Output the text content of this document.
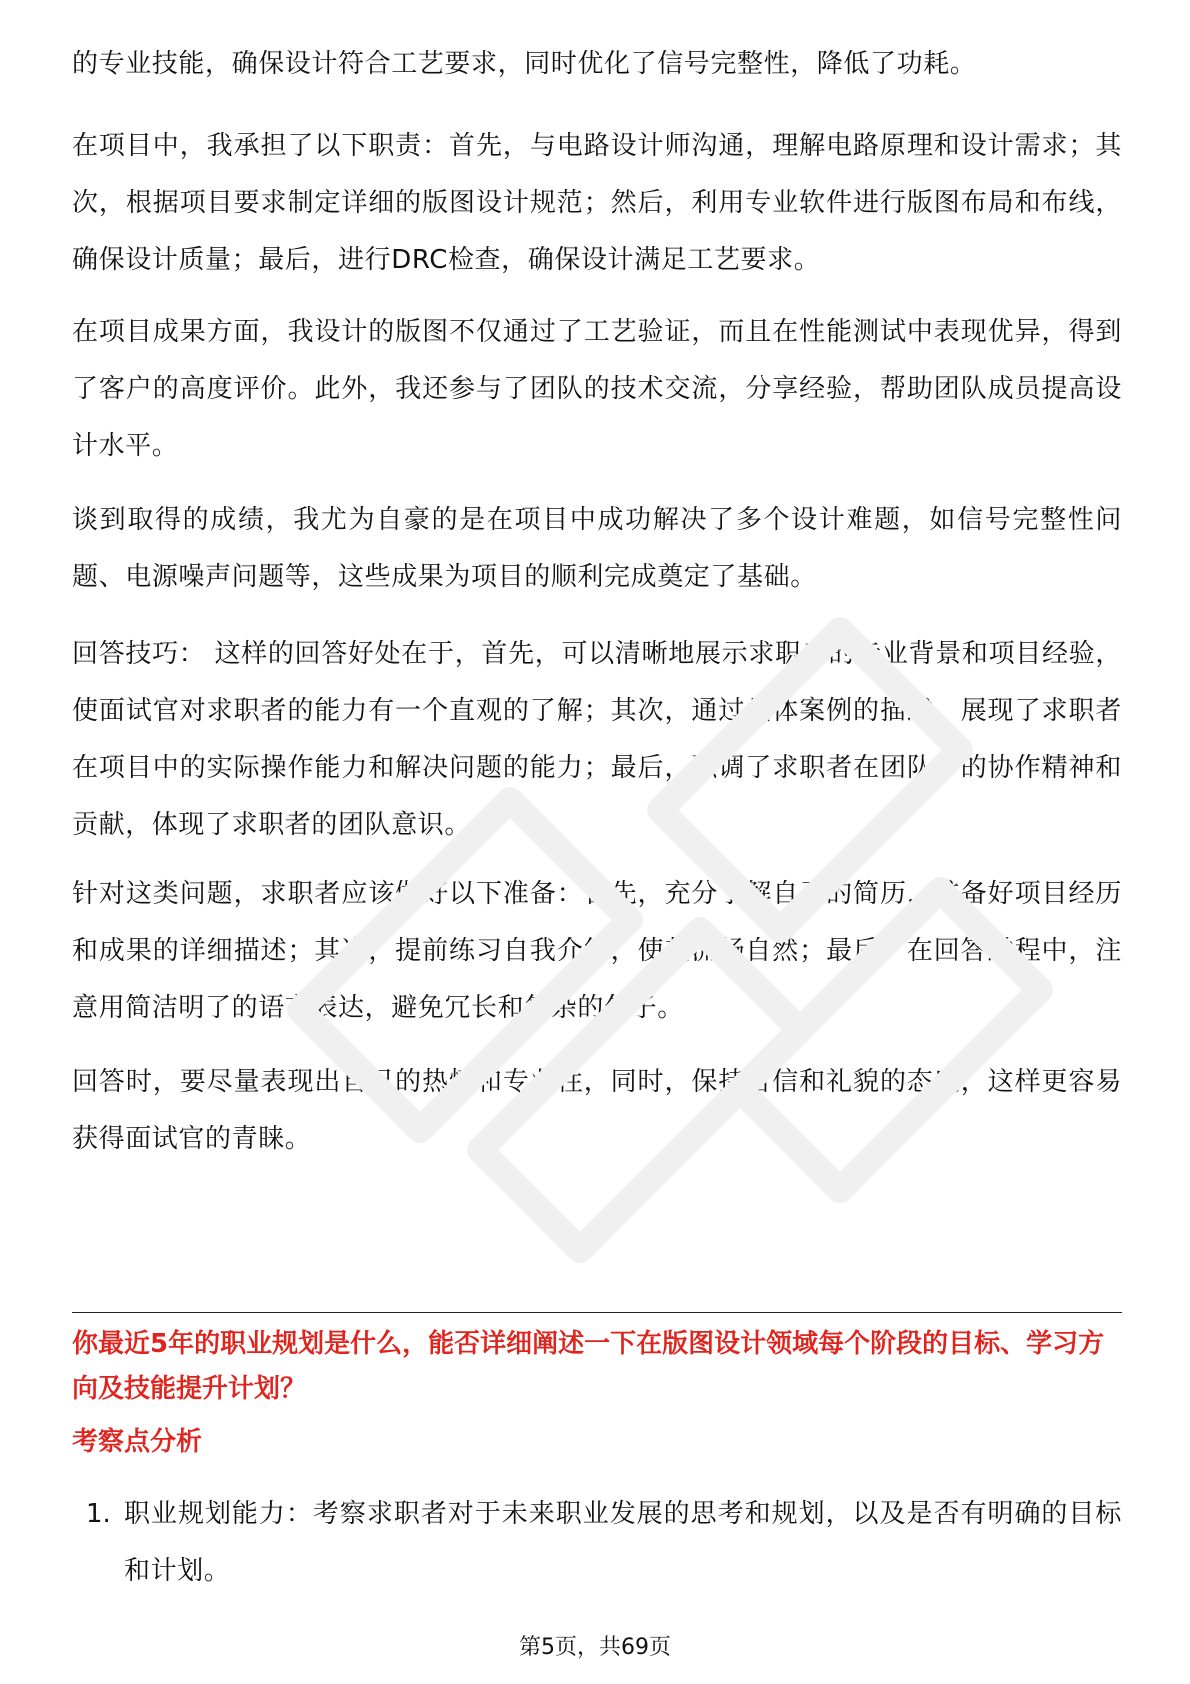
的专业技能，确保设计符合工艺要求，同时优化了信号完整性，降低了功耗。
在项目中，我承担了以下职责：首先，与电路设计师沟通，理解电路原理和设计需求；其次，根据项目要求制定详细的版图设计规范；然后，利用专业软件进行版图布局和布线，确保设计质量；最后，进行DRC检查，确保设计满足工艺要求。
在项目成果方面，我设计的版图不仅通过了工艺验证，而且在性能测试中表现优异，得到了客户的高度评价。此外，我还参与了团队的技术交流，分享经验，帮助团队成员提高设计水平。
谈到取得的成绩，我尤为自豪的是在项目中成功解决了多个设计难题，如信号完整性问题、电源噪声问题等，这些成果为项目的顺利完成奠定了基础。
回答技巧： 这样的回答好处在于，首先，可以清晰地展示求职者的专业背景和项目经验，使面试官对求职者的能力有一个直观的了解；其次，通过具体案例的描述，展现了求职者在项目中的实际操作能力和解决问题的能力；最后，强调了求职者在团队中的协作精神和贡献，体现了求职者的团队意识。
针对这类问题，求职者应该做好以下准备：首先，充分了解自己的简历，准备好项目经历和成果的详细描述；其次，提前练习自我介绍，使其流畅自然；最后，在回答过程中，注意用简洁明了的语言表达，避免冗长和复杂的句子。
回答时，要尽量表现出自己的热情和专业性，同时，保持自信和礼貌的态度，这样更容易获得面试官的青睐。
你最近5年的职业规划是什么，能否详细阐述一下在版图设计领域每个阶段的目标、学习方向及技能提升计划？
考察点分析
1. 职业规划能力：考察求职者对于未来职业发展的思考和规划，以及是否有明确的目标和计划。
第5页，共69页
